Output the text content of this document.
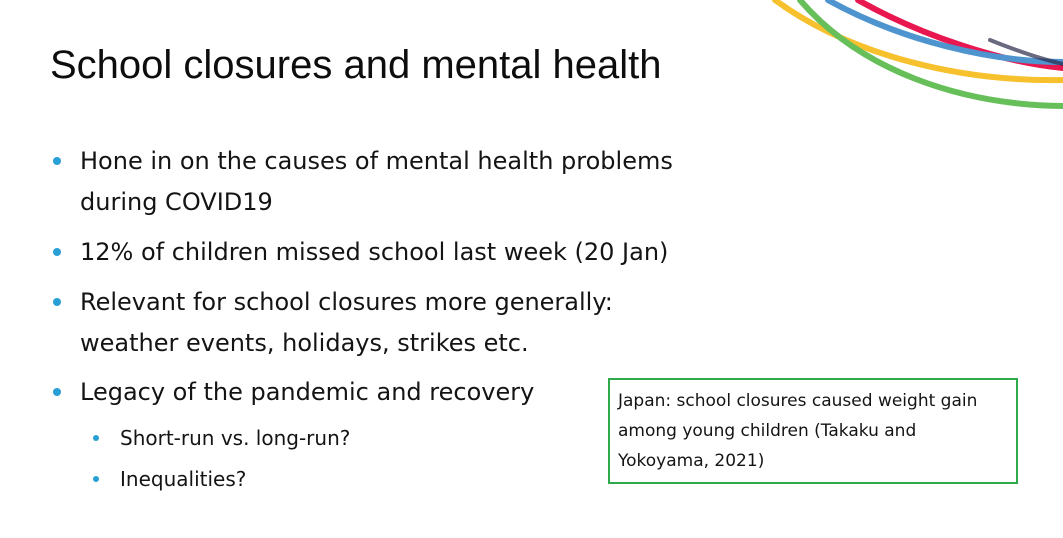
School closures and mental health
Hone in on the causes of mental health problems during COVID19
12% of children missed school last week (20 Jan)
Relevant for school closures more generally: weather events, holidays, strikes etc.
Legacy of the pandemic and recovery
Short-run vs. long-run?
Inequalities?
Japan: school closures caused weight gain among young children (Takaku and Yokoyama, 2021)
